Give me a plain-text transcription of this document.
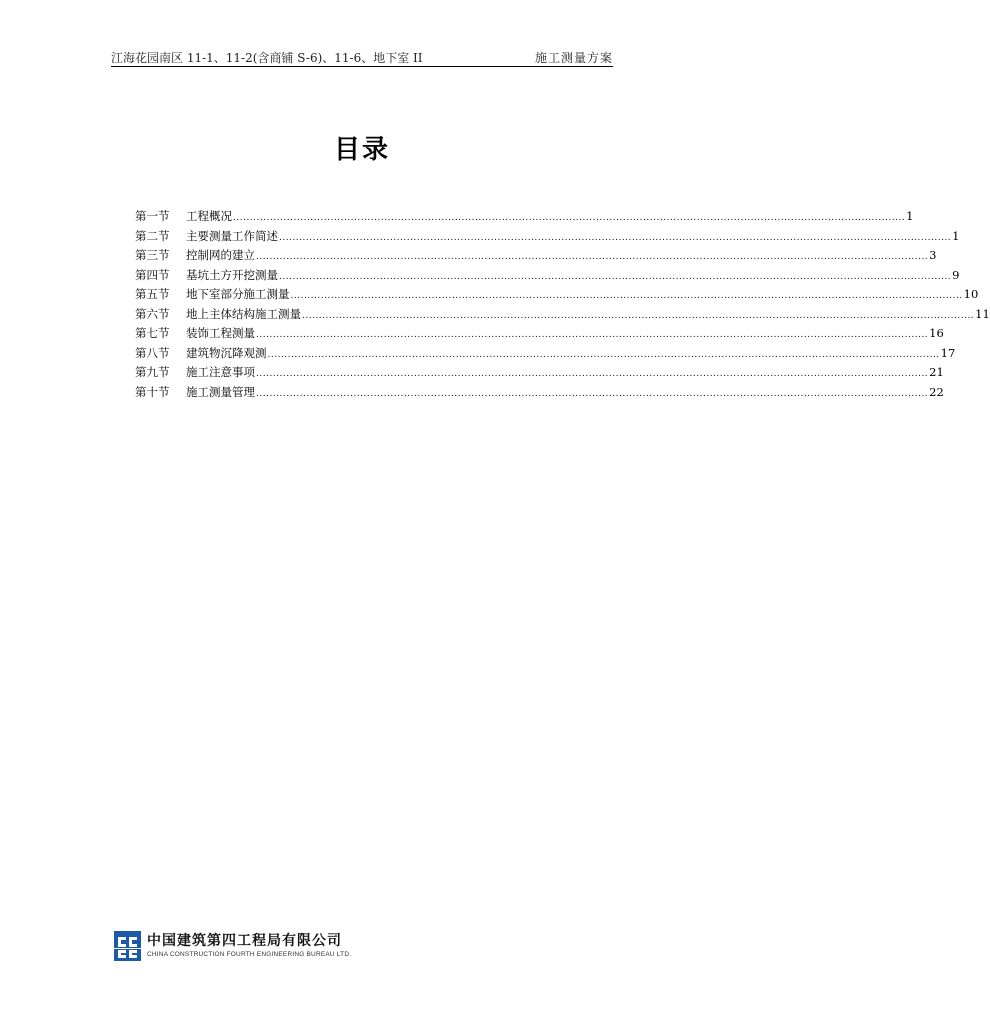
江海花园南区 11-1、11-2(含商铺 S-6)、11-6、地下室 II	施工测量方案
目录
第一节	工程概况 ........................................................................................................................................................................................................ 1
第二节	主要测量工作简述 ........................................................................................................................................................................................................ 1
第三节	控制网的建立 ........................................................................................................................................................................................................ 3
第四节	基坑土方开挖测量 ........................................................................................................................................................................................................ 9
第五节	地下室部分施工测量 ........................................................................................................................................................................................................ 10
第六节	地上主体结构施工测量 ........................................................................................................................................................................................................ 11
第七节	装饰工程测量 ........................................................................................................................................................................................................ 16
第八节	建筑物沉降观测 ........................................................................................................................................................................................................ 17
第九节	施工注意事项 ........................................................................................................................................................................................................ 21
第十节	施工测量管理 ........................................................................................................................................................................................................ 22
中国建筑第四工程局有限公司
CHINA CONSTRUCTION FOURTH ENGINEERING BUREAU LTD.
